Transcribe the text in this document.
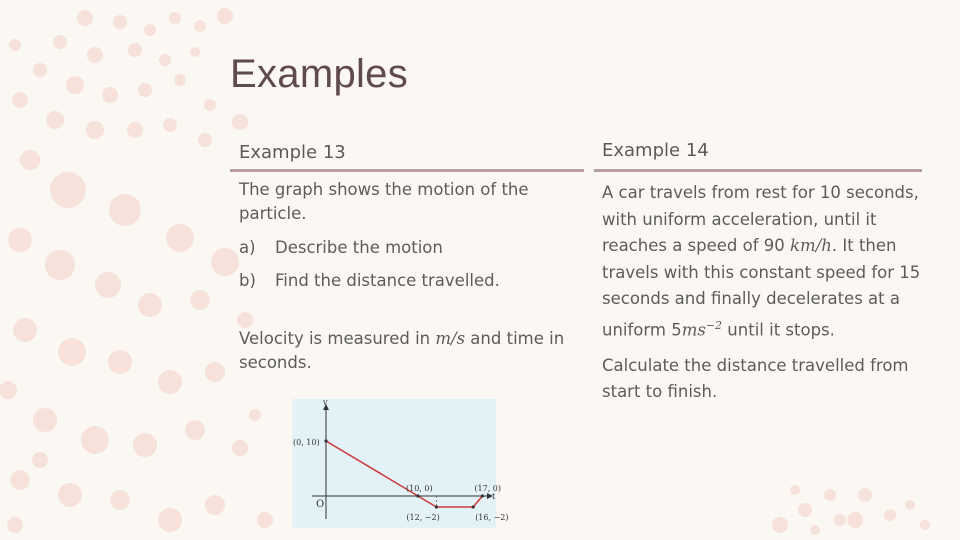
Examples
Example 13	Example 14

The graph shows the motion of the particle.

a)	Describe the motion
b)	Find the distance travelled.

Velocity is measured in m/s and time in seconds.

A car travels from rest for 10 seconds, with uniform acceleration, until it reaches a speed of 90 km/h. It then travels with this constant speed for 15 seconds and finally decelerates at a uniform $5ms^{-2}$ until it stops.

Calculate the distance travelled from start to finish.

v
t
O
(0, 10)
(10, 0)
(12, −2)	(16, −2)
(17, 0)
